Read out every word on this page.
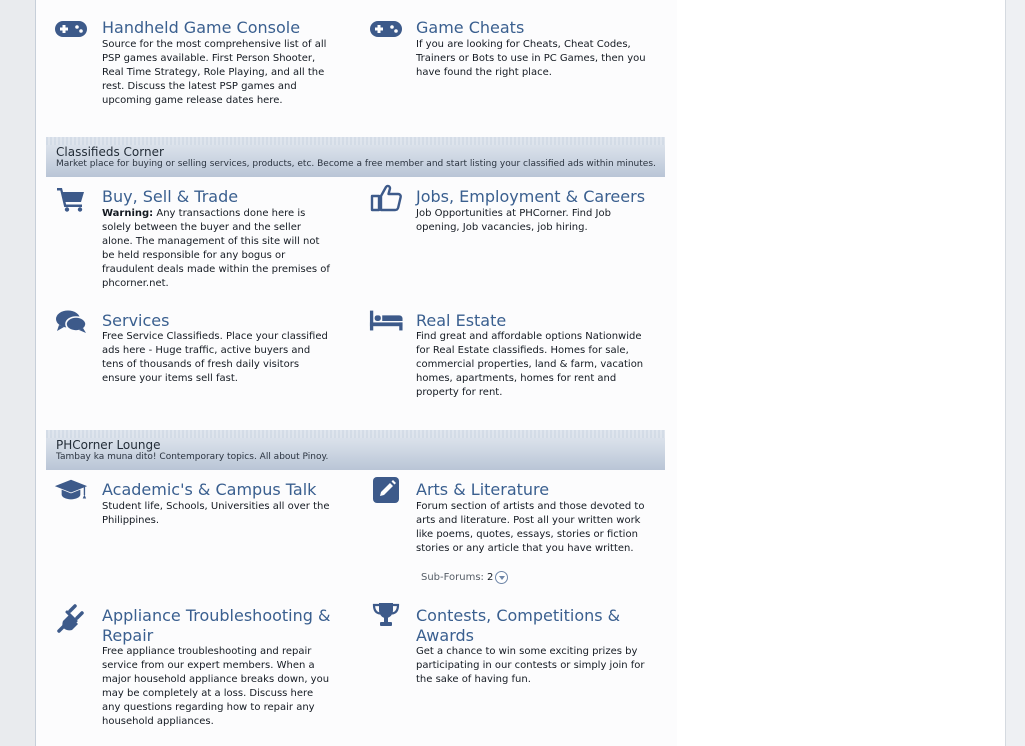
Handheld Game Console
Source for the most comprehensive list of all PSP games available. First Person Shooter, Real Time Strategy, Role Playing, and all the rest. Discuss the latest PSP games and upcoming game release dates here.
Game Cheats
If you are looking for Cheats, Cheat Codes, Trainers or Bots to use in PC Games, then you have found the right place.
Classifieds Corner
Market place for buying or selling services, products, etc. Become a free member and start listing your classified ads within minutes.
Buy, Sell & Trade
Warning: Any transactions done here is solely between the buyer and the seller alone. The management of this site will not be held responsible for any bogus or fraudulent deals made within the premises of phcorner.net.
Jobs, Employment & Careers
Job Opportunities at PHCorner. Find Job opening, Job vacancies, job hiring.
Services
Free Service Classifieds. Place your classified ads here - Huge traffic, active buyers and tens of thousands of fresh daily visitors ensure your items sell fast.
Real Estate
Find great and affordable options Nationwide for Real Estate classifieds. Homes for sale, commercial properties, land & farm, vacation homes, apartments, homes for rent and property for rent.
PHCorner Lounge
Tambay ka muna dito! Contemporary topics. All about Pinoy.
Academic's & Campus Talk
Student life, Schools, Universities all over the Philippines.
Arts & Literature
Forum section of artists and those devoted to arts and literature. Post all your written work like poems, quotes, essays, stories or fiction stories or any article that you have written.
Sub-Forums: 2
Appliance Troubleshooting & Repair
Free appliance troubleshooting and repair service from our expert members. When a major household appliance breaks down, you may be completely at a loss. Discuss here any questions regarding how to repair any household appliances.
Contests, Competitions & Awards
Get a chance to win some exciting prizes by participating in our contests or simply join for the sake of having fun.
